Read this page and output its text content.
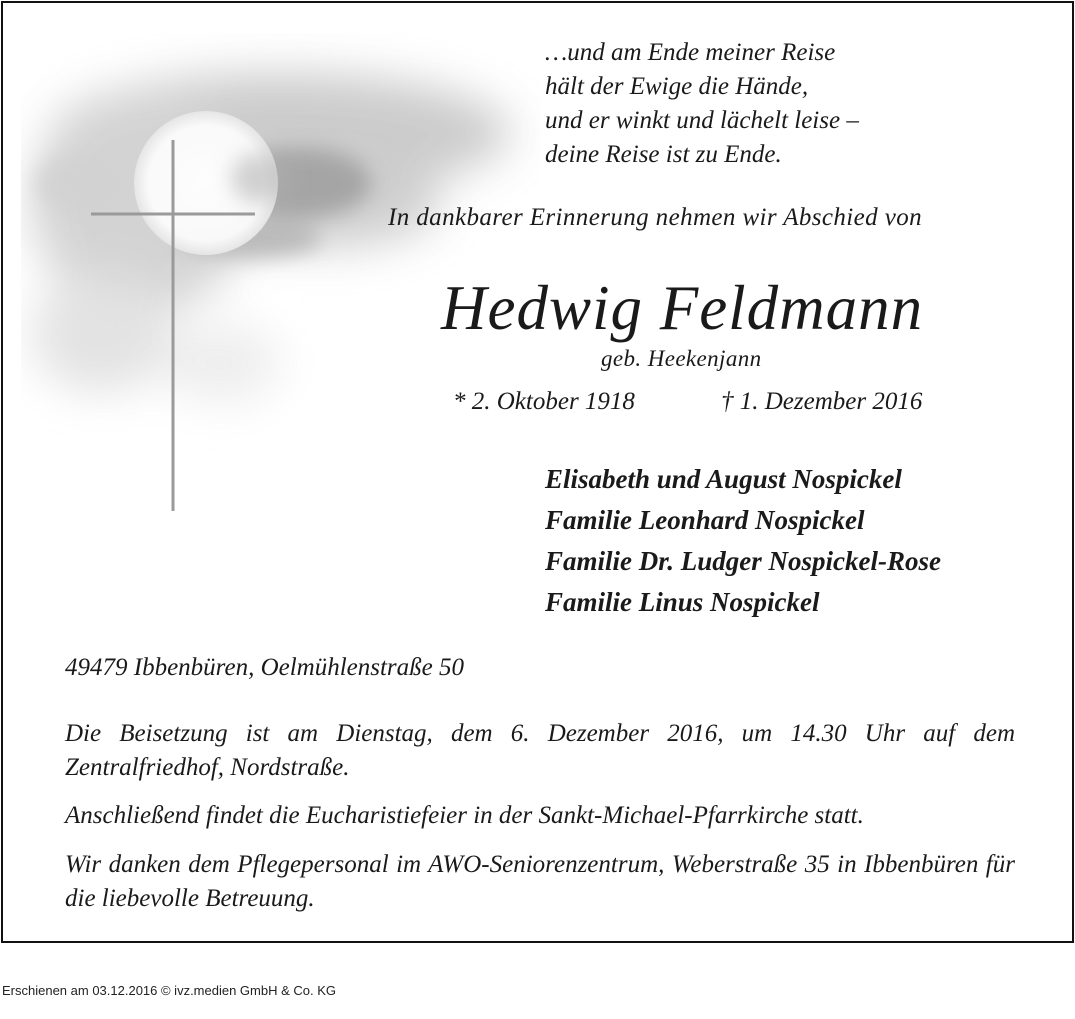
…und am Ende meiner Reise
hält der Ewige die Hände,
und er winkt und lächelt leise –
deine Reise ist zu Ende.
In dankbarer Erinnerung nehmen wir Abschied von
Hedwig Feldmann
geb. Heekenjann
* 2. Oktober 1918	† 1. Dezember 2016
Elisabeth und August Nospickel
Familie Leonhard Nospickel
Familie Dr. Ludger Nospickel-Rose
Familie Linus Nospickel
49479 Ibbenbüren, Oelmühlenstraße 50
Die Beisetzung ist am Dienstag, dem 6. Dezember 2016, um 14.30 Uhr auf dem Zentralfriedhof, Nordstraße.
Anschließend findet die Eucharistiefeier in der Sankt-Michael-Pfarrkirche statt.
Wir danken dem Pflegepersonal im AWO-Seniorenzentrum, Weberstraße 35 in Ibbenbüren für die liebevolle Betreuung.
Erschienen am 03.12.2016 © ivz.medien GmbH & Co. KG
